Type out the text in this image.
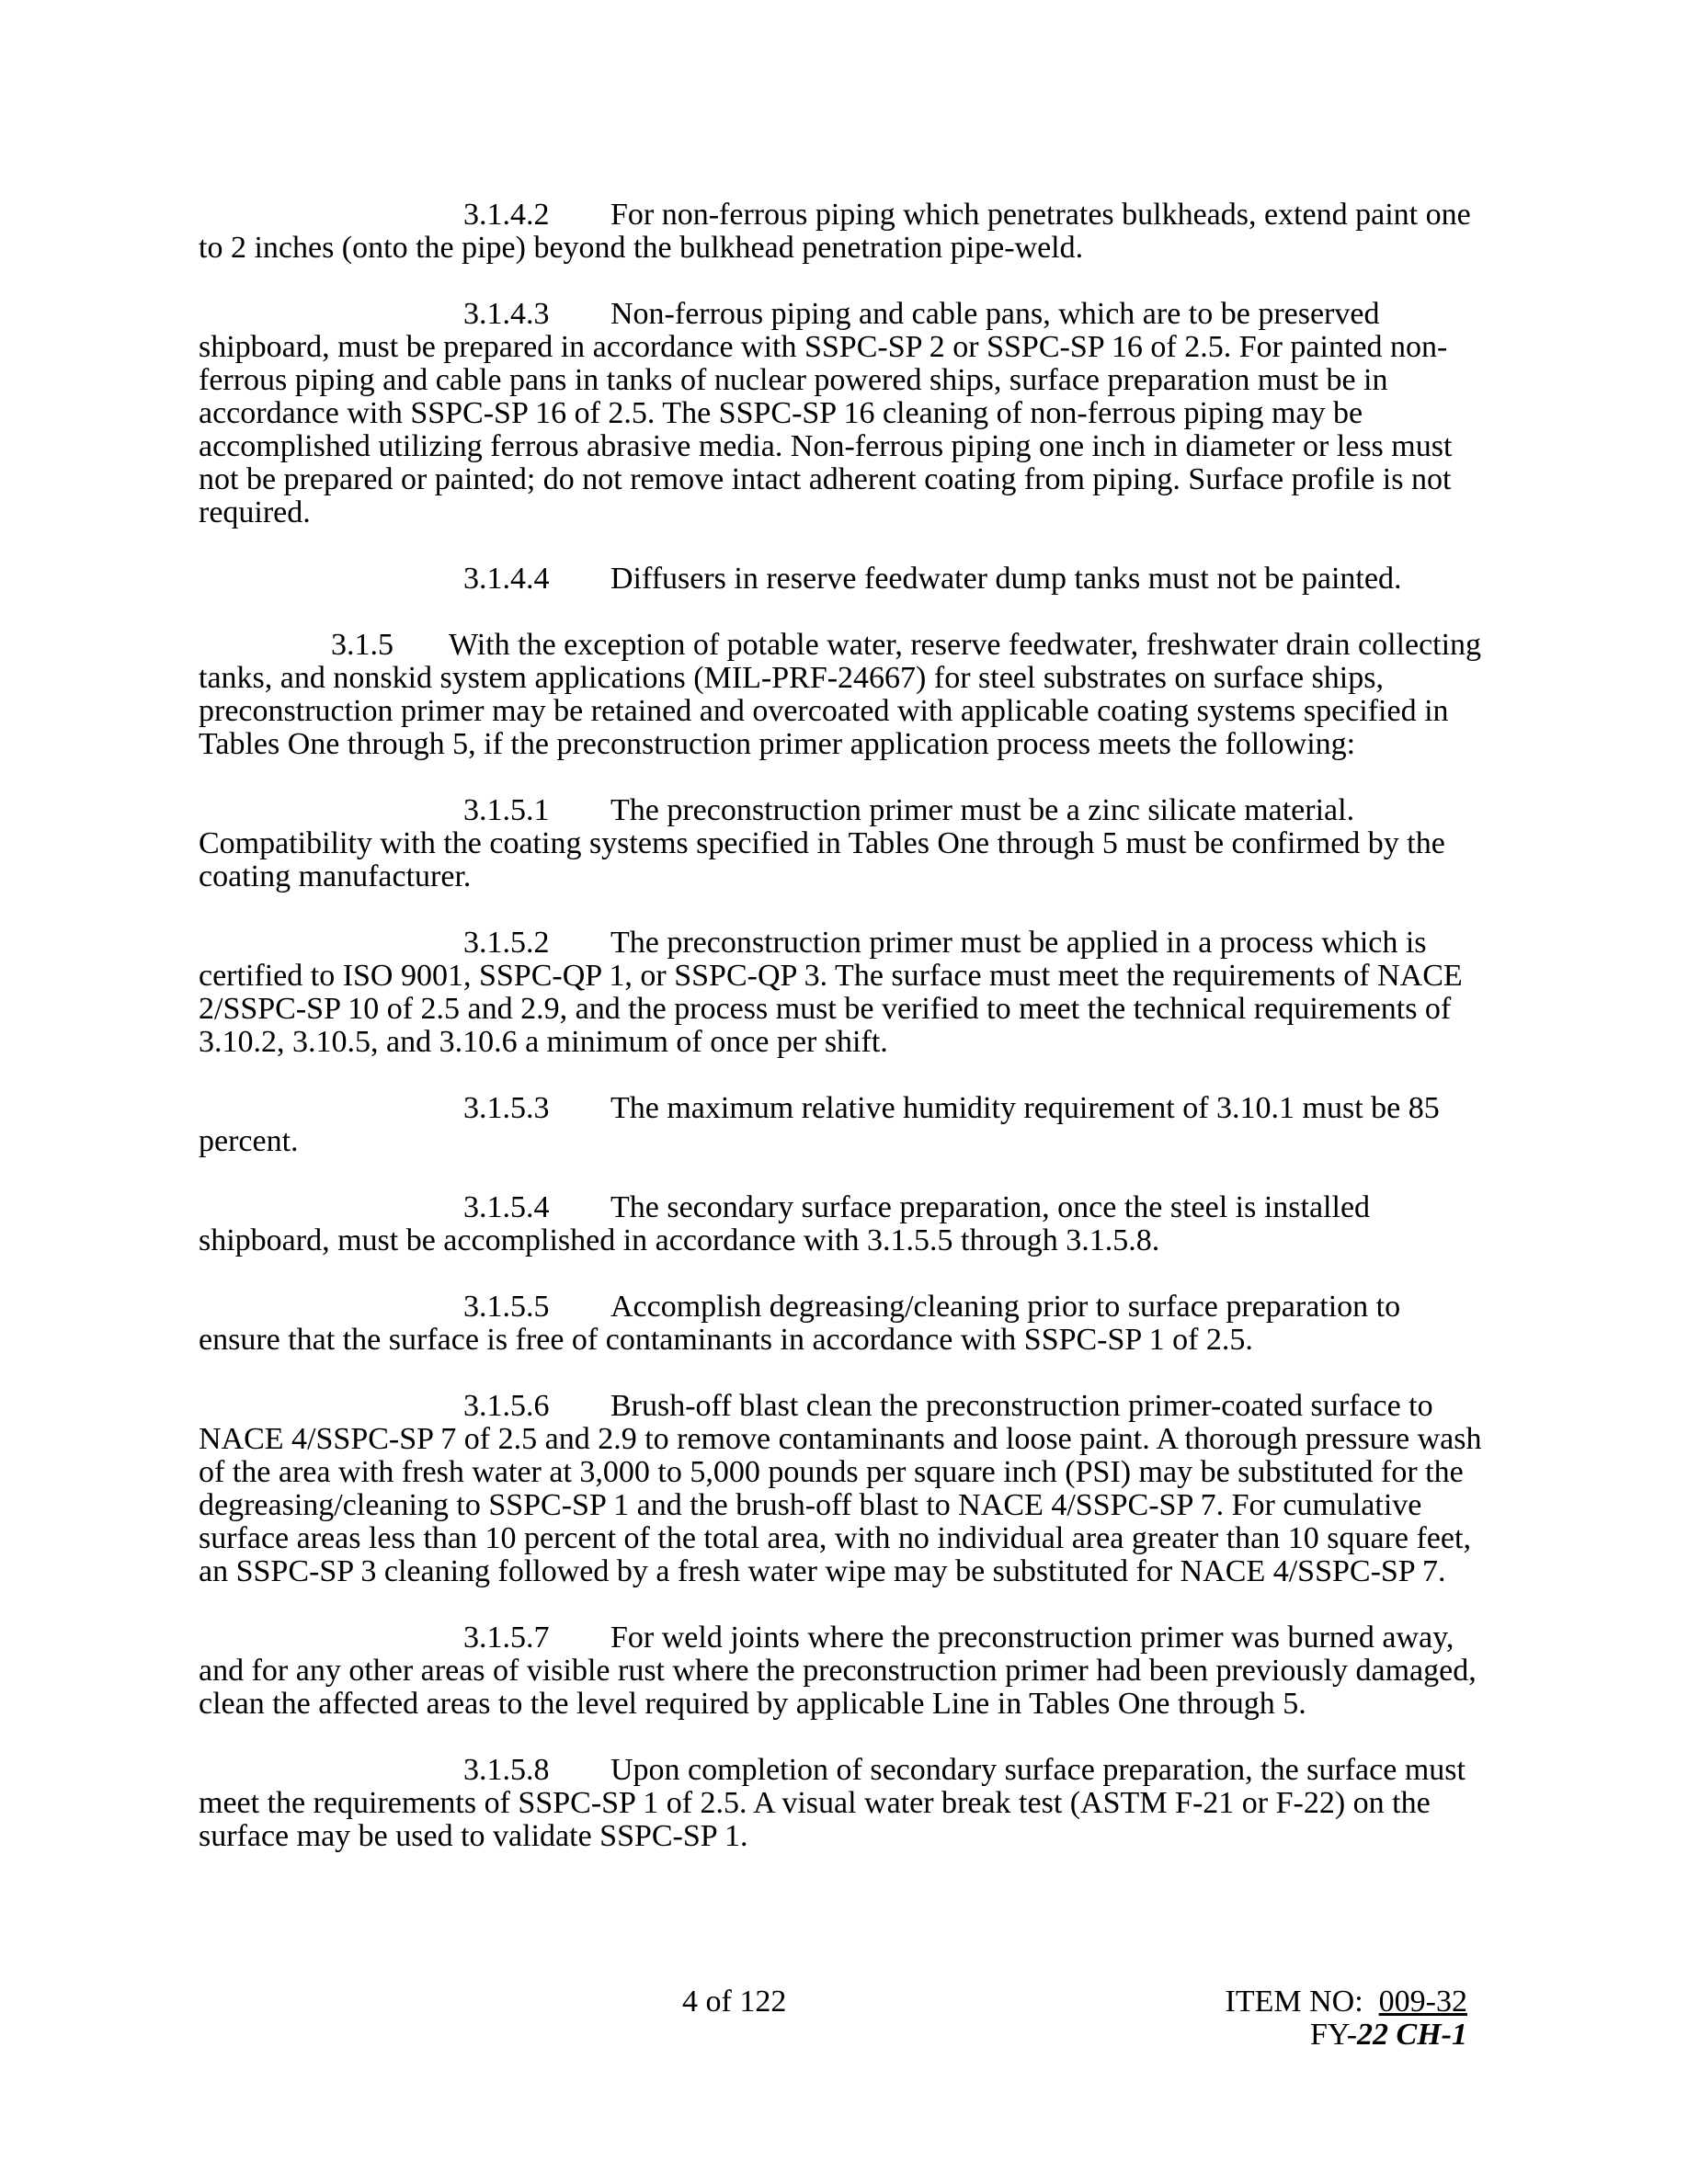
3.1.4.2 For non-ferrous piping which penetrates bulkheads, extend paint one to 2 inches (onto the pipe) beyond the bulkhead penetration pipe-weld.

3.1.4.3 Non-ferrous piping and cable pans, which are to be preserved shipboard, must be prepared in accordance with SSPC-SP 2 or SSPC-SP 16 of 2.5. For painted non-ferrous piping and cable pans in tanks of nuclear powered ships, surface preparation must be in accordance with SSPC-SP 16 of 2.5. The SSPC-SP 16 cleaning of non-ferrous piping may be accomplished utilizing ferrous abrasive media. Non-ferrous piping one inch in diameter or less must not be prepared or painted; do not remove intact adherent coating from piping. Surface profile is not required.

3.1.4.4 Diffusers in reserve feedwater dump tanks must not be painted.

3.1.5 With the exception of potable water, reserve feedwater, freshwater drain collecting tanks, and nonskid system applications (MIL-PRF-24667) for steel substrates on surface ships, preconstruction primer may be retained and overcoated with applicable coating systems specified in Tables One through 5, if the preconstruction primer application process meets the following:

3.1.5.1 The preconstruction primer must be a zinc silicate material. Compatibility with the coating systems specified in Tables One through 5 must be confirmed by the coating manufacturer.

3.1.5.2 The preconstruction primer must be applied in a process which is certified to ISO 9001, SSPC-QP 1, or SSPC-QP 3. The surface must meet the requirements of NACE 2/SSPC-SP 10 of 2.5 and 2.9, and the process must be verified to meet the technical requirements of 3.10.2, 3.10.5, and 3.10.6 a minimum of once per shift.

3.1.5.3 The maximum relative humidity requirement of 3.10.1 must be 85 percent.

3.1.5.4 The secondary surface preparation, once the steel is installed shipboard, must be accomplished in accordance with 3.1.5.5 through 3.1.5.8.

3.1.5.5 Accomplish degreasing/cleaning prior to surface preparation to ensure that the surface is free of contaminants in accordance with SSPC-SP 1 of 2.5.

3.1.5.6 Brush-off blast clean the preconstruction primer-coated surface to NACE 4/SSPC-SP 7 of 2.5 and 2.9 to remove contaminants and loose paint. A thorough pressure wash of the area with fresh water at 3,000 to 5,000 pounds per square inch (PSI) may be substituted for the degreasing/cleaning to SSPC-SP 1 and the brush-off blast to NACE 4/SSPC-SP 7. For cumulative surface areas less than 10 percent of the total area, with no individual area greater than 10 square feet, an SSPC-SP 3 cleaning followed by a fresh water wipe may be substituted for NACE 4/SSPC-SP 7.

3.1.5.7 For weld joints where the preconstruction primer was burned away, and for any other areas of visible rust where the preconstruction primer had been previously damaged, clean the affected areas to the level required by applicable Line in Tables One through 5.

3.1.5.8 Upon completion of secondary surface preparation, the surface must meet the requirements of SSPC-SP 1 of 2.5. A visual water break test (ASTM F-21 or F-22) on the surface may be used to validate SSPC-SP 1.

4 of 122	ITEM NO:  009-32
FY-22 CH-1
